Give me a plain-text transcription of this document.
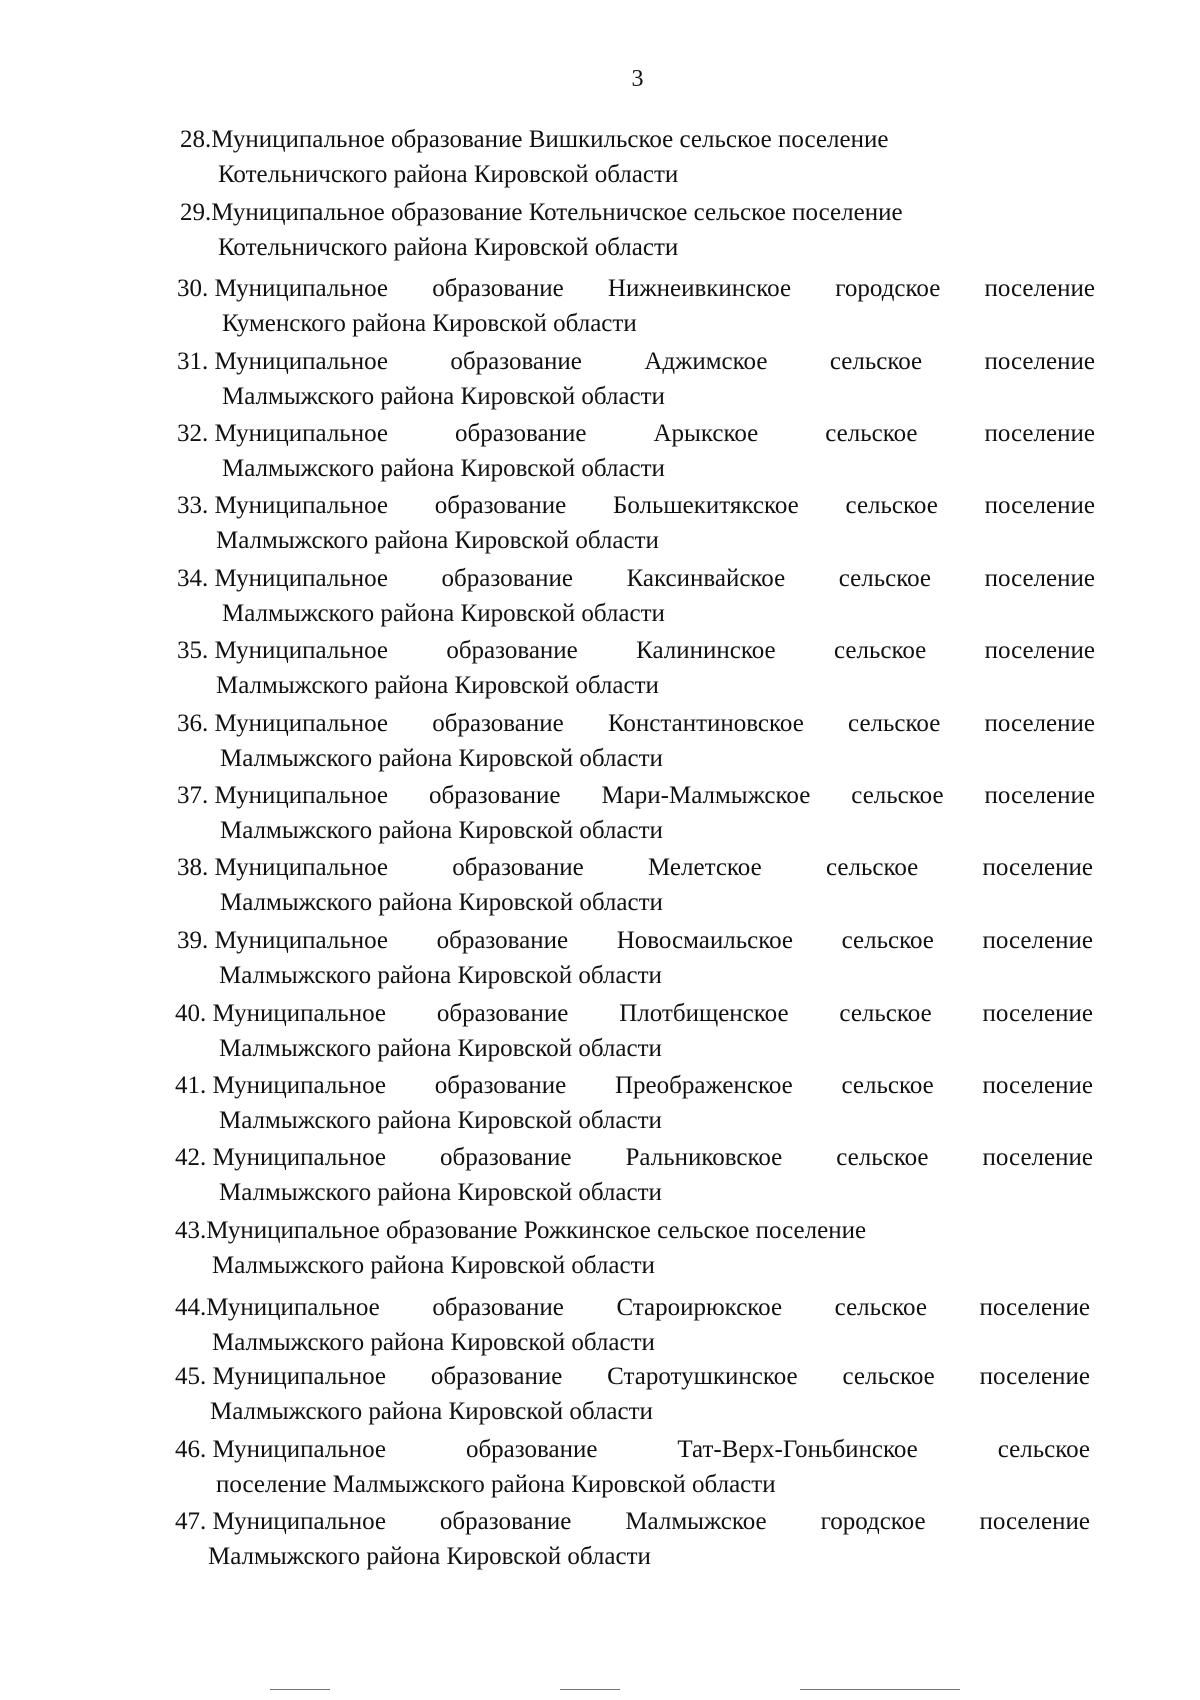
3
28.Муниципальное образование Вишкильское сельское поселение
Котельничского района Кировской области
29.Муниципальное образование Котельничское сельское поселение
Котельничского района Кировской области
30. Муниципальное образование Нижнеивкинское городское поселение
Куменского района Кировской области
31. Муниципальное образование Аджимское сельское поселение
Малмыжского района Кировской области
32. Муниципальное	образование	Арыкское	сельское	поселение
Малмыжского района Кировской области
33. Муниципальное образование Большекитякское сельское поселение
Малмыжского района Кировской области
34. Муниципальное образование Каксинвайское сельское поселение
Малмыжского района Кировской области
35. Муниципальное образование Калининское сельское поселение
Малмыжского района Кировской области
36. Муниципальное образование Константиновское сельское поселение
Малмыжского района Кировской области
37. Муниципальное образование Мари-Малмыжское сельское поселение
Малмыжского района Кировской области
38. Муниципальное	образование	Мелетское	сельское	поселение
Малмыжского района Кировской области
39. Муниципальное образование Новосмаильское сельское поселение
Малмыжского района Кировской области
40. Муниципальное образование Плотбищенское сельское поселение
Малмыжского района Кировской области
41. Муниципальное образование Преображенское сельское поселение
Малмыжского района Кировской области
42. Муниципальное образование Ральниковское сельское поселение
Малмыжского района Кировской области
43.Муниципальное образование Рожкинское сельское поселение
Малмыжского района Кировской области
44.Муниципальное образование Староирюкское сельское поселение
Малмыжского района Кировской области
45. Муниципальное образование Старотушкинское сельское поселение
Малмыжского района Кировской области
46. Муниципальное	образование	Тат-Верх-Гоньбинское	сельское
поселение Малмыжского района Кировской области
47. Муниципальное образование Малмыжское городское поселение
Малмыжского района Кировской области
